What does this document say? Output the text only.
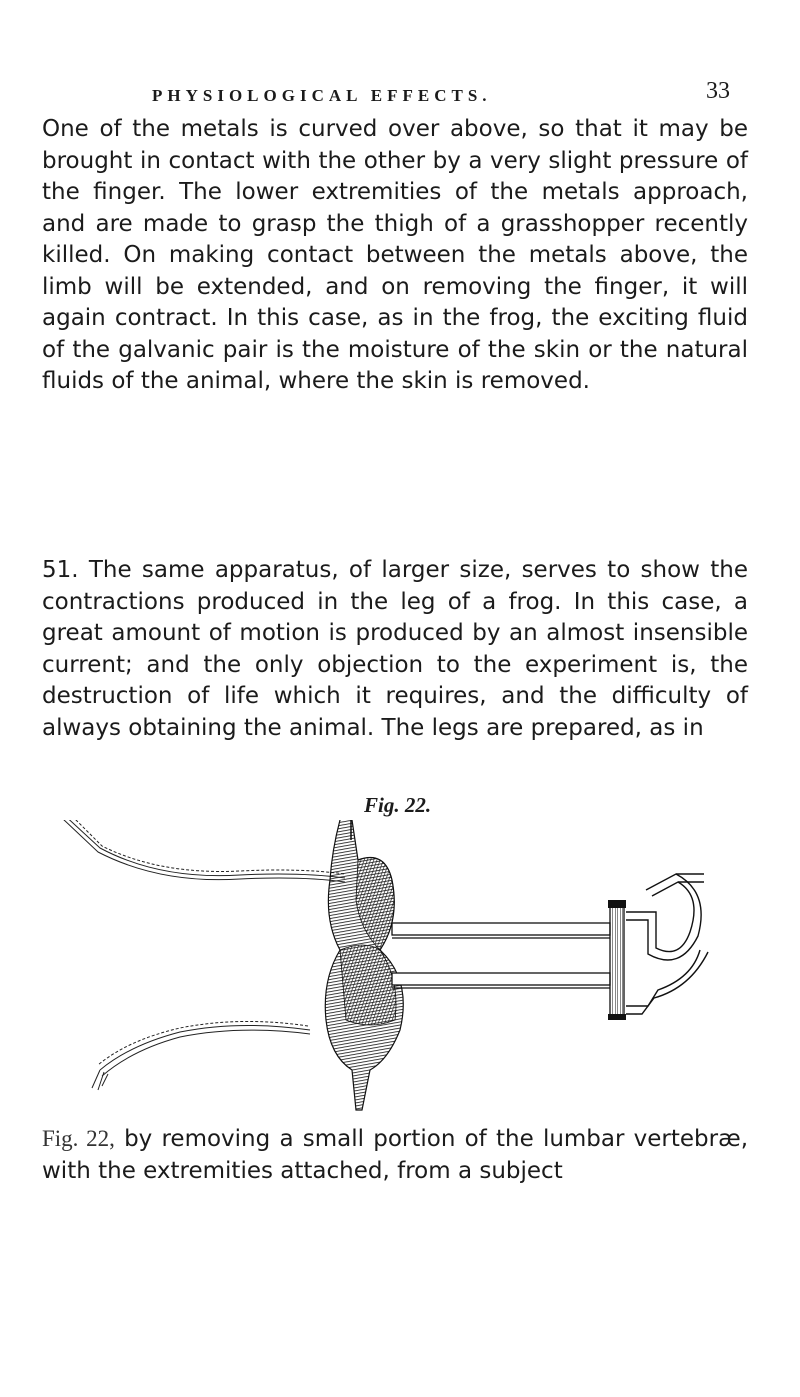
PHYSIOLOGICAL EFFECTS.	33
One of the metals is curved over above, so that it may be brought in contact with the other by a very slight pressure of the finger. The lower extremities of the metals approach, and are made to grasp the thigh of a grasshopper recently killed. On making contact between the metals above, the limb will be extended, and on removing the finger, it will again contract. In this case, as in the frog, the exciting fluid of the galvanic pair is the moisture of the skin or the natural fluids of the animal, where the skin is removed.
51. The same apparatus, of larger size, serves to show the contractions produced in the leg of a frog. In this case, a great amount of motion is produced by an almost insensible current; and the only objection to the experiment is, the destruction of life which it requires, and the difficulty of always obtaining the animal. The legs are prepared, as in
Fig. 22.
Fig. 22, by removing a small portion of the lumbar vertebræ, with the extremities attached, from a subject
